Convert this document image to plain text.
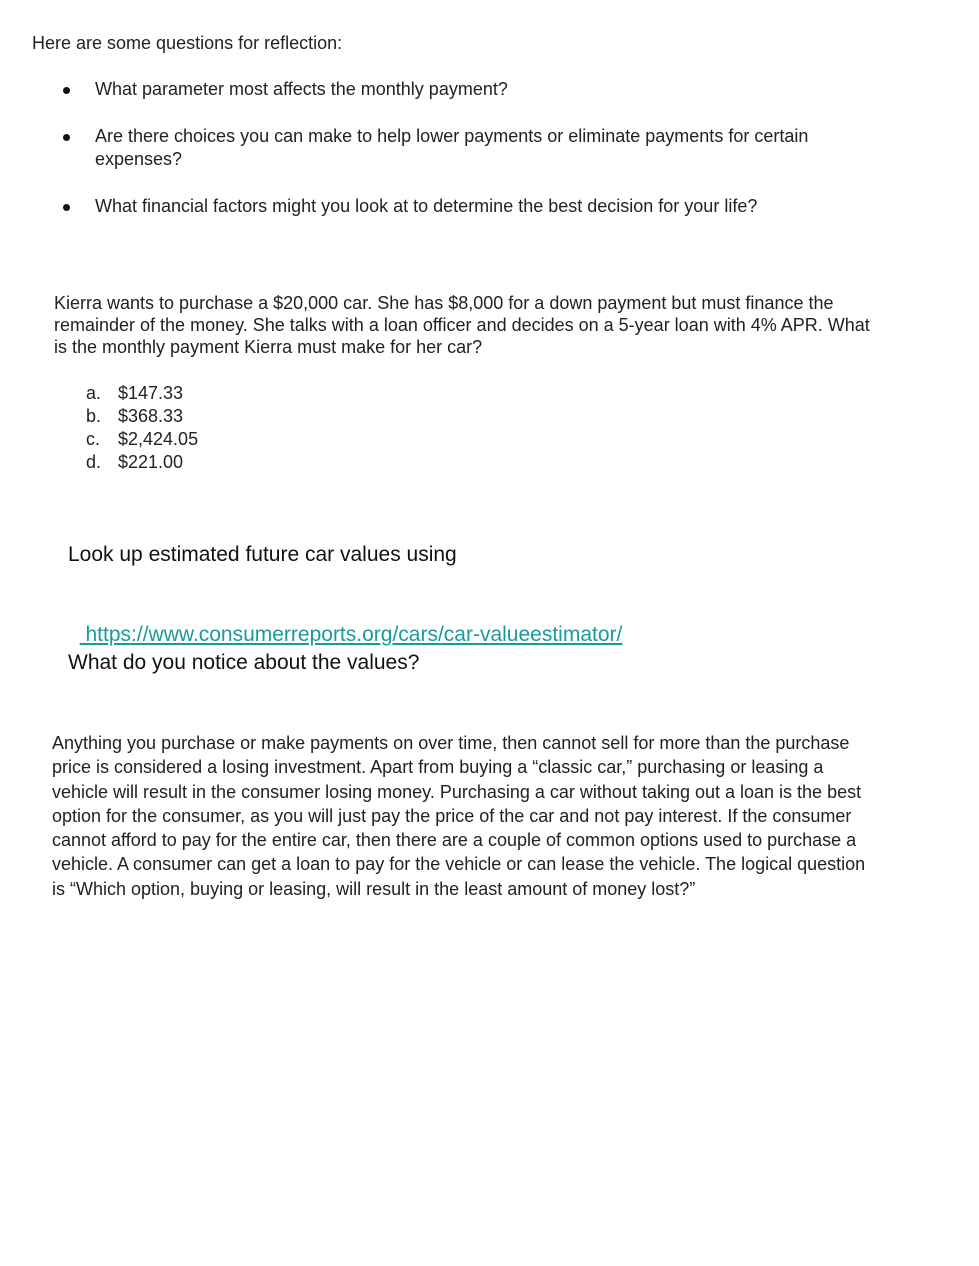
Here are some questions for reflection:
What parameter most affects the monthly payment?
Are there choices you can make to help lower payments or eliminate payments for certain expenses?
What financial factors might you look at to determine the best decision for your life?
Kierra wants to purchase a $20,000 car. She has $8,000 for a down payment but must finance the remainder of the money. She talks with a loan officer and decides on a 5-year loan with 4% APR. What is the monthly payment Kierra must make for her car?
a. $147.33
b. $368.33
c. $2,424.05
d. $221.00
Look up estimated future car values using

https://www.consumerreports.org/cars/car-valueestimator/

What do you notice about the values?
Anything you purchase or make payments on over time, then cannot sell for more than the purchase price is considered a losing investment. Apart from buying a “classic car,” purchasing or leasing a vehicle will result in the consumer losing money. Purchasing a car without taking out a loan is the best option for the consumer, as you will just pay the price of the car and not pay interest. If the consumer cannot afford to pay for the entire car, then there are a couple of common options used to purchase a vehicle. A consumer can get a loan to pay for the vehicle or can lease the vehicle. The logical question is “Which option, buying or leasing, will result in the least amount of money lost?”
